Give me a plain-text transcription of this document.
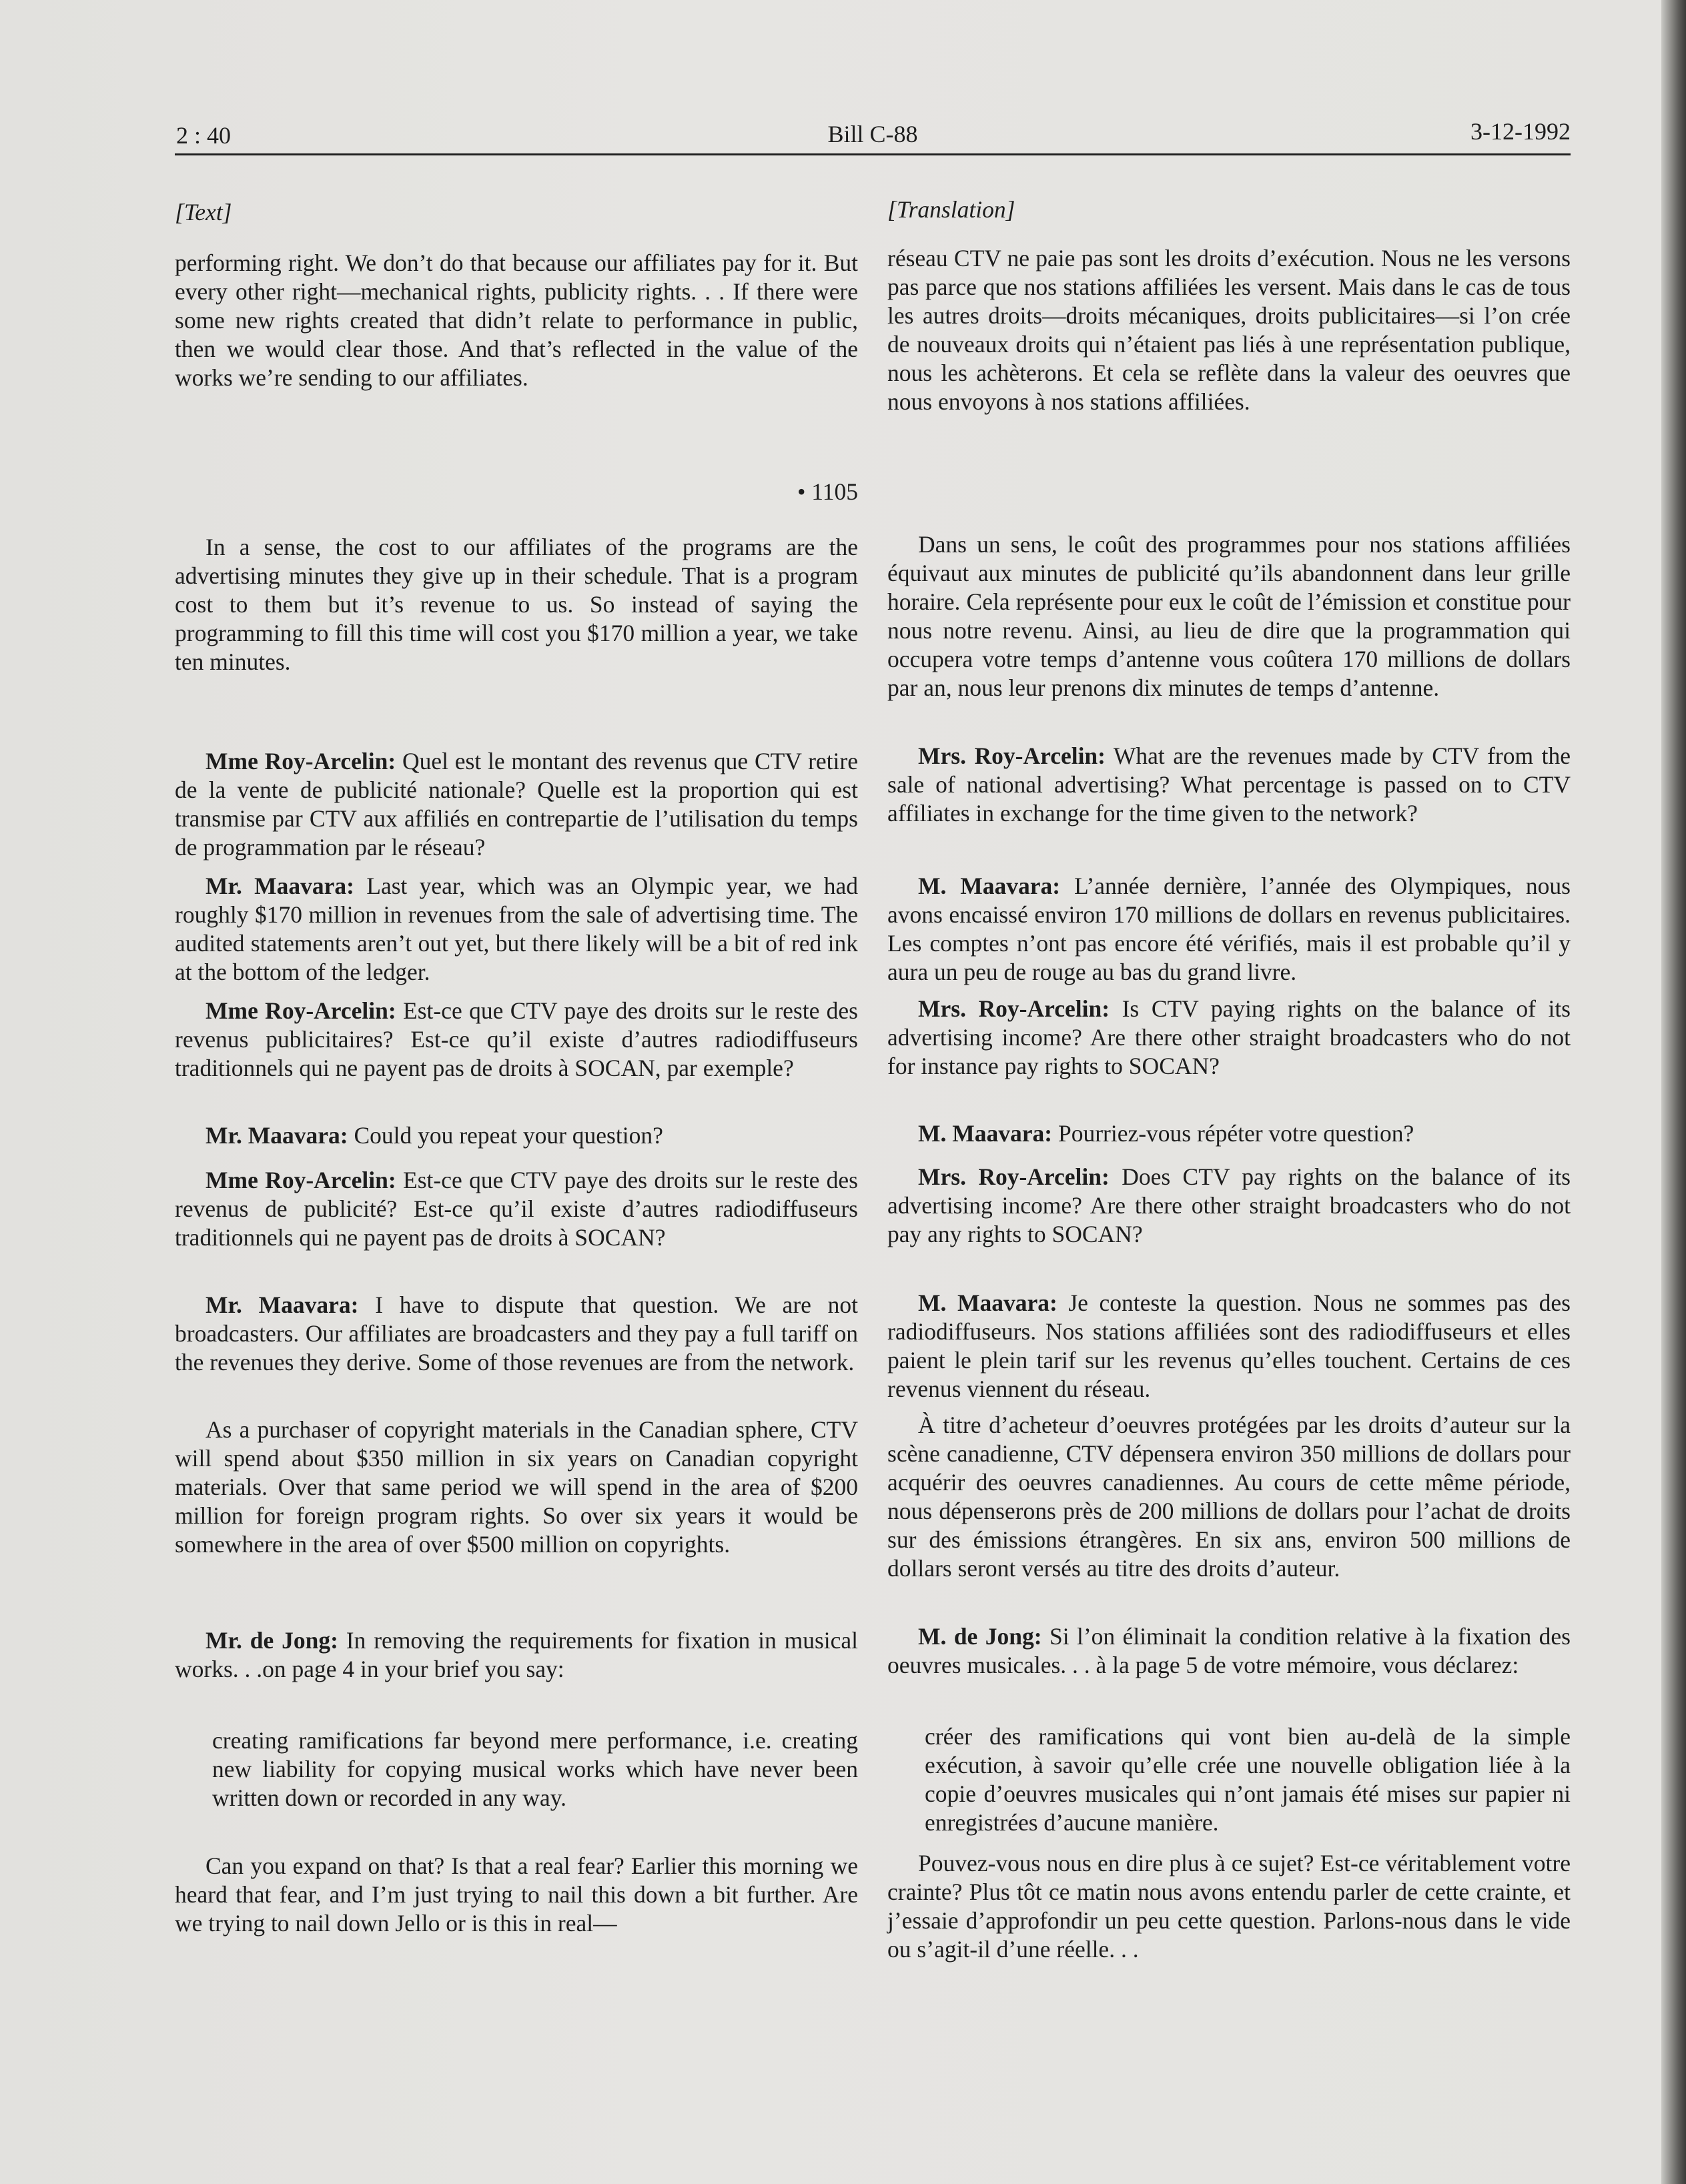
2 : 40	Bill C-88	3-12-1992

[Text]

performing right. We don’t do that because our affiliates pay for it. But every other right—mechanical rights, publicity rights. . . If there were some new rights created that didn’t relate to performance in public, then we would clear those. And that’s reflected in the value of the works we’re sending to our affiliates.

• 1105

In a sense, the cost to our affiliates of the programs are the advertising minutes they give up in their schedule. That is a program cost to them but it’s revenue to us. So instead of saying the programming to fill this time will cost you $170 million a year, we take ten minutes.

Mme Roy-Arcelin: Quel est le montant des revenus que CTV retire de la vente de publicité nationale? Quelle est la proportion qui est transmise par CTV aux affiliés en contrepartie de l’utilisation du temps de programmation par le réseau?

Mr. Maavara: Last year, which was an Olympic year, we had roughly $170 million in revenues from the sale of advertising time. The audited statements aren’t out yet, but there likely will be a bit of red ink at the bottom of the ledger.

Mme Roy-Arcelin: Est-ce que CTV paye des droits sur le reste des revenus publicitaires? Est-ce qu’il existe d’autres radiodiffuseurs traditionnels qui ne payent pas de droits à SOCAN, par exemple?

Mr. Maavara: Could you repeat your question?

Mme Roy-Arcelin: Est-ce que CTV paye des droits sur le reste des revenus de publicité? Est-ce qu’il existe d’autres radiodiffuseurs traditionnels qui ne payent pas de droits à SOCAN?

Mr. Maavara: I have to dispute that question. We are not broadcasters. Our affiliates are broadcasters and they pay a full tariff on the revenues they derive. Some of those revenues are from the network.

As a purchaser of copyright materials in the Canadian sphere, CTV will spend about $350 million in six years on Canadian copyright materials. Over that same period we will spend in the area of $200 million for foreign program rights. So over six years it would be somewhere in the area of over $500 million on copyrights.

Mr. de Jong: In removing the requirements for fixation in musical works. . .on page 4 in your brief you say:

creating ramifications far beyond mere performance, i.e. creating new liability for copying musical works which have never been written down or recorded in any way.

Can you expand on that? Is that a real fear? Earlier this morning we heard that fear, and I’m just trying to nail this down a bit further. Are we trying to nail down Jello or is this in real—

[Translation]

réseau CTV ne paie pas sont les droits d’exécution. Nous ne les versons pas parce que nos stations affiliées les versent. Mais dans le cas de tous les autres droits—droits mécaniques, droits publicitaires—si l’on crée de nouveaux droits qui n’étaient pas liés à une représentation publique, nous les achèterons. Et cela se reflète dans la valeur des oeuvres que nous envoyons à nos stations affiliées.

Dans un sens, le coût des programmes pour nos stations affiliées équivaut aux minutes de publicité qu’ils abandonnent dans leur grille horaire. Cela représente pour eux le coût de l’émission et constitue pour nous notre revenu. Ainsi, au lieu de dire que la programmation qui occupera votre temps d’antenne vous coûtera 170 millions de dollars par an, nous leur prenons dix minutes de temps d’antenne.

Mrs. Roy-Arcelin: What are the revenues made by CTV from the sale of national advertising? What percentage is passed on to CTV affiliates in exchange for the time given to the network?

M. Maavara: L’année dernière, l’année des Olympiques, nous avons encaissé environ 170 millions de dollars en revenus publicitaires. Les comptes n’ont pas encore été vérifiés, mais il est probable qu’il y aura un peu de rouge au bas du grand livre.

Mrs. Roy-Arcelin: Is CTV paying rights on the balance of its advertising income? Are there other straight broadcasters who do not for instance pay rights to SOCAN?

M. Maavara: Pourriez-vous répéter votre question?

Mrs. Roy-Arcelin: Does CTV pay rights on the balance of its advertising income? Are there other straight broadcasters who do not pay any rights to SOCAN?

M. Maavara: Je conteste la question. Nous ne sommes pas des radiodiffuseurs. Nos stations affiliées sont des radiodiffuseurs et elles paient le plein tarif sur les revenus qu’elles touchent. Certains de ces revenus viennent du réseau.

À titre d’acheteur d’oeuvres protégées par les droits d’auteur sur la scène canadienne, CTV dépensera environ 350 millions de dollars pour acquérir des oeuvres canadiennes. Au cours de cette même période, nous dépenserons près de 200 millions de dollars pour l’achat de droits sur des émissions étrangères. En six ans, environ 500 millions de dollars seront versés au titre des droits d’auteur.

M. de Jong: Si l’on éliminait la condition relative à la fixation des oeuvres musicales. . . à la page 5 de votre mémoire, vous déclarez:

créer des ramifications qui vont bien au-delà de la simple exécution, à savoir qu’elle crée une nouvelle obligation liée à la copie d’oeuvres musicales qui n’ont jamais été mises sur papier ni enregistrées d’aucune manière.

Pouvez-vous nous en dire plus à ce sujet? Est-ce véritablement votre crainte? Plus tôt ce matin nous avons entendu parler de cette crainte, et j’essaie d’approfondir un peu cette question. Parlons-nous dans le vide ou s’agit-il d’une réelle. . .
